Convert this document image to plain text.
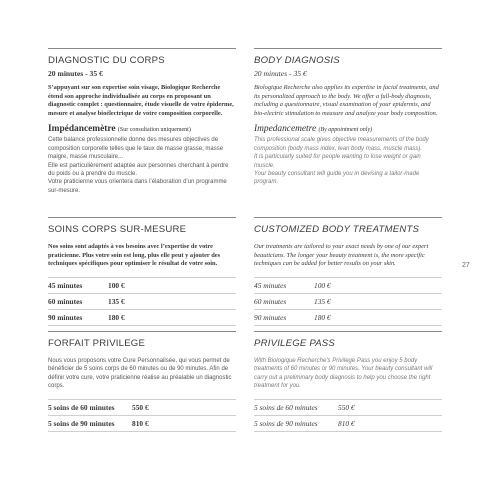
DIAGNOSTIC DU CORPS
20 minutes - 35 €
S’appuyant sur son expertise soin visage, Biologique Recherche étend son approche individualisée au corps en proposant un diagnostic complet : questionnaire, étude visuelle de votre épiderme, mesure et analyse bioélectrique de votre composition corporelle.
Impédancemètre (Sur consultation uniquement)
Cette balance professionnelle donne des mesures objectives de composition corporelle telles que le taux de masse grasse, masse maigre, masse musculaire...
Elle est particulièrement adaptée aux personnes cherchant à perdre du poids ou à prendre du muscle.
Votre praticienne vous orientera dans l’élaboration d’un programme sur-mesure.
SOINS CORPS SUR-MESURE
Nos soins sont adaptés à vos besoins avec l’expertise de votre praticienne. Plus votre soin est long, plus elle peut y ajouter des techniques spécifiques pour optimiser le résultat de votre soin.
45 minutes	100 €
60 minutes	135 €
90 minutes	180 €
FORFAIT PRIVILEGE
Nous vous proposons votre Cure Personnalisée, qui vous permet de bénéficier de 5 soins corps de 60 minutes ou de 90 minutes. Afin de définir votre cure, votre praticienne réalise au préalable un diagnostic corps.
5 soins de 60 minutes	550 €
5 soins de 90 minutes	810 €
BODY DIAGNOSIS
20 minutes - 35 €
Biologique Recherche also applies its expertise in facial treatments, and its personalized approach to the body. We offer a full-body diagnosis, including a questionnaire, visual examination of your epidermis, and bio-electric stimulation to measure and analyze your body composition.
Impedancemetre (By appointment only)
This professional scale gives objective measurements of the body composition (body mass index, lean body mass, muscle mass).
It is particularly suited for people wanting to lose weight or gain muscle.
Your beauty consultant will guide you in devising a tailor-made program.
CUSTOMIZED BODY TREATMENTS
Our treatments are tailored to your exact needs by one of our expert beauticians. The longer your beauty treatment is, the more specific techniques can be added for better results on your skin.
45 minutes	100 €
60 minutes	135 €
90 minutes	180 €
PRIVILEGE PASS
With Biologique Recherche’s Privilege Pass you enjoy 5 body treatments of 60 minutes or 90 minutes. Your beauty consultant will carry out a preliminary body diagnosis to help you choose the right treatment for you.
5 soins de 60 minutes	550 €
5 soins de 90 minutes	810 €
27
